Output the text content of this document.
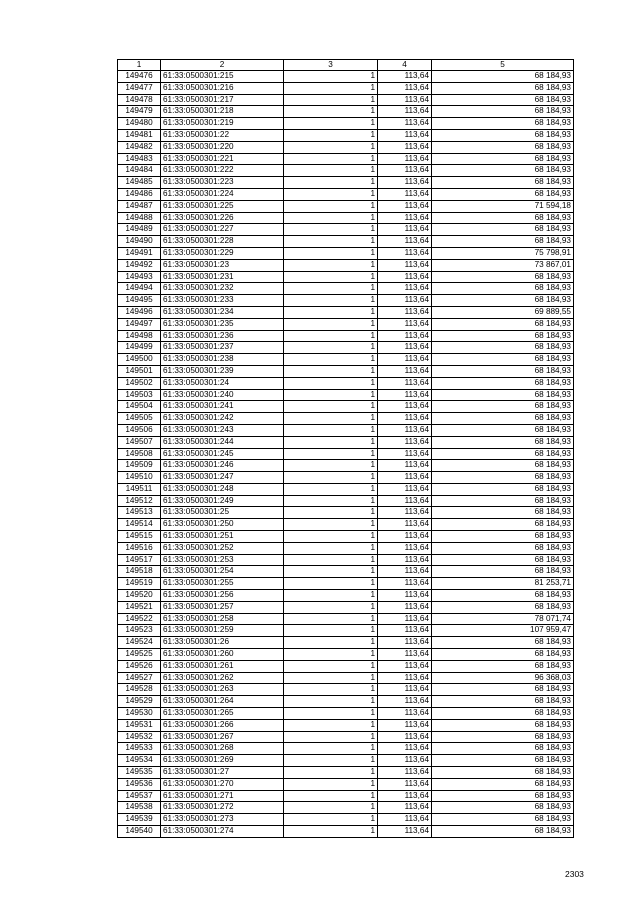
1	2	3	4	5
149476	61:33:0500301:215	1	113,64	68 184,93
149477	61:33:0500301:216	1	113,64	68 184,93
149478	61:33:0500301:217	1	113,64	68 184,93
149479	61:33:0500301:218	1	113,64	68 184,93
149480	61:33:0500301:219	1	113,64	68 184,93
149481	61:33:0500301:22	1	113,64	68 184,93
149482	61:33:0500301:220	1	113,64	68 184,93
149483	61:33:0500301:221	1	113,64	68 184,93
149484	61:33:0500301:222	1	113,64	68 184,93
149485	61:33:0500301:223	1	113,64	68 184,93
149486	61:33:0500301:224	1	113,64	68 184,93
149487	61:33:0500301:225	1	113,64	71 594,18
149488	61:33:0500301:226	1	113,64	68 184,93
149489	61:33:0500301:227	1	113,64	68 184,93
149490	61:33:0500301:228	1	113,64	68 184,93
149491	61:33:0500301:229	1	113,64	75 798,91
149492	61:33:0500301:23	1	113,64	73 867,01
149493	61:33:0500301:231	1	113,64	68 184,93
149494	61:33:0500301:232	1	113,64	68 184,93
149495	61:33:0500301:233	1	113,64	68 184,93
149496	61:33:0500301:234	1	113,64	69 889,55
149497	61:33:0500301:235	1	113,64	68 184,93
149498	61:33:0500301:236	1	113,64	68 184,93
149499	61:33:0500301:237	1	113,64	68 184,93
149500	61:33:0500301:238	1	113,64	68 184,93
149501	61:33:0500301:239	1	113,64	68 184,93
149502	61:33:0500301:24	1	113,64	68 184,93
149503	61:33:0500301:240	1	113,64	68 184,93
149504	61:33:0500301:241	1	113,64	68 184,93
149505	61:33:0500301:242	1	113,64	68 184,93
149506	61:33:0500301:243	1	113,64	68 184,93
149507	61:33:0500301:244	1	113,64	68 184,93
149508	61:33:0500301:245	1	113,64	68 184,93
149509	61:33:0500301:246	1	113,64	68 184,93
149510	61:33:0500301:247	1	113,64	68 184,93
149511	61:33:0500301:248	1	113,64	68 184,93
149512	61:33:0500301:249	1	113,64	68 184,93
149513	61:33:0500301:25	1	113,64	68 184,93
149514	61:33:0500301:250	1	113,64	68 184,93
149515	61:33:0500301:251	1	113,64	68 184,93
149516	61:33:0500301:252	1	113,64	68 184,93
149517	61:33:0500301:253	1	113,64	68 184,93
149518	61:33:0500301:254	1	113,64	68 184,93
149519	61:33:0500301:255	1	113,64	81 253,71
149520	61:33:0500301:256	1	113,64	68 184,93
149521	61:33:0500301:257	1	113,64	68 184,93
149522	61:33:0500301:258	1	113,64	78 071,74
149523	61:33:0500301:259	1	113,64	107 959,47
149524	61:33:0500301:26	1	113,64	68 184,93
149525	61:33:0500301:260	1	113,64	68 184,93
149526	61:33:0500301:261	1	113,64	68 184,93
149527	61:33:0500301:262	1	113,64	96 368,03
149528	61:33:0500301:263	1	113,64	68 184,93
149529	61:33:0500301:264	1	113,64	68 184,93
149530	61:33:0500301:265	1	113,64	68 184,93
149531	61:33:0500301:266	1	113,64	68 184,93
149532	61:33:0500301:267	1	113,64	68 184,93
149533	61:33:0500301:268	1	113,64	68 184,93
149534	61:33:0500301:269	1	113,64	68 184,93
149535	61:33:0500301:27	1	113,64	68 184,93
149536	61:33:0500301:270	1	113,64	68 184,93
149537	61:33:0500301:271	1	113,64	68 184,93
149538	61:33:0500301:272	1	113,64	68 184,93
149539	61:33:0500301:273	1	113,64	68 184,93
149540	61:33:0500301:274	1	113,64	68 184,93
2303
